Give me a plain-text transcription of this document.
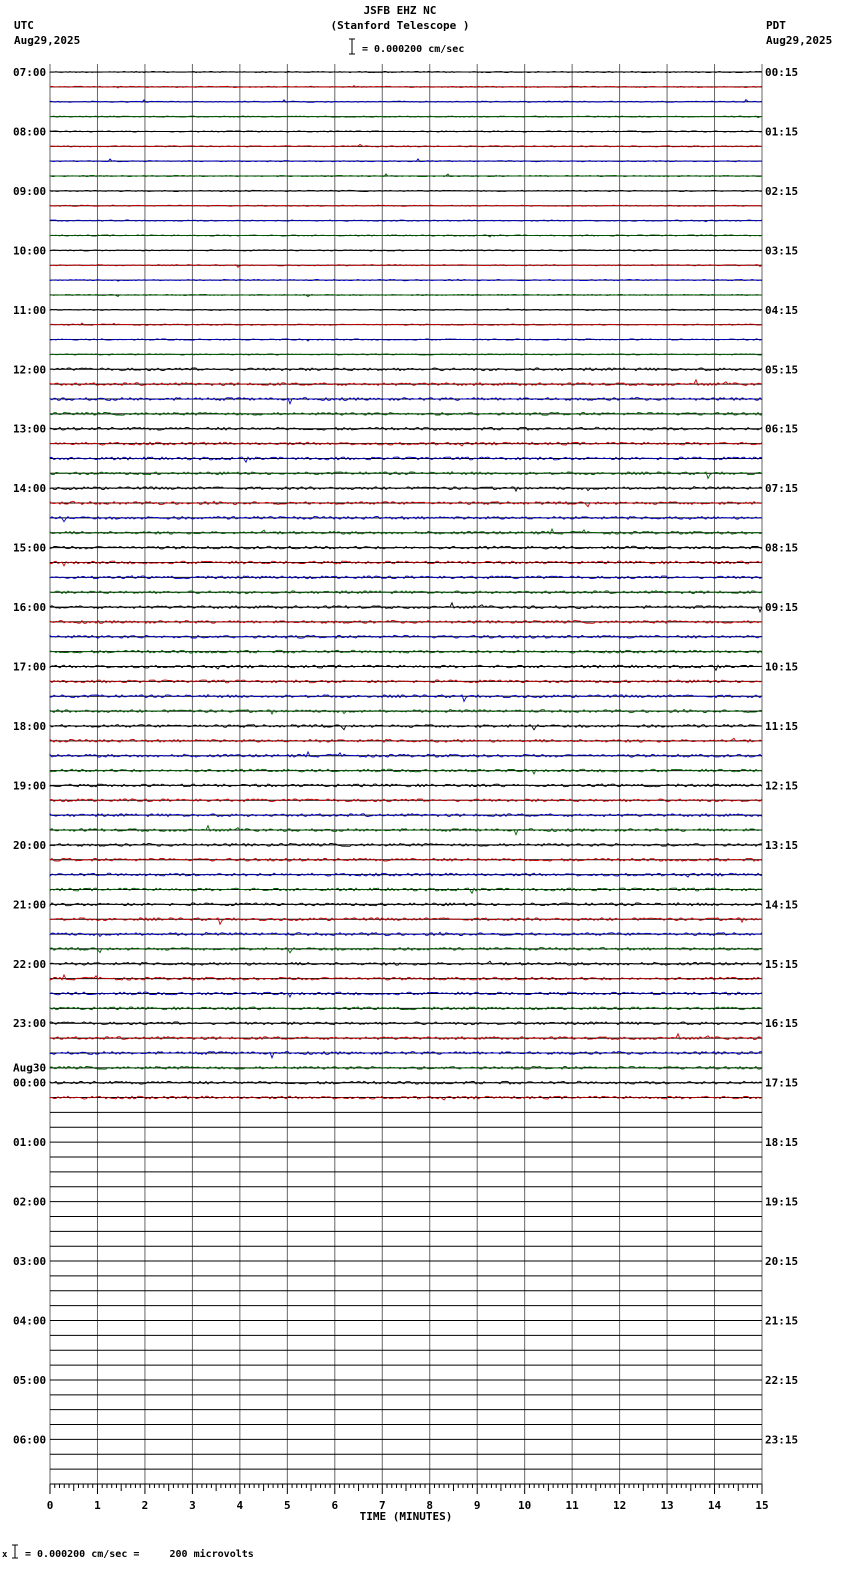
JSFB EHZ NC
(Stanford Telescope )
UTC
Aug29,2025
PDT
Aug29,2025
= 0.000200 cm/sec
07:00
08:00
09:00
10:00
11:00
12:00
13:00
14:00
15:00
16:00
17:00
18:00
19:00
20:00
21:00
22:00
23:00
00:00
Aug30
01:00
02:00
03:00
04:00
05:00
06:00
00:15
01:15
02:15
03:15
04:15
05:15
06:15
07:15
08:15
09:15
10:15
11:15
12:15
13:15
14:15
15:15
16:15
17:15
18:15
19:15
20:15
21:15
22:15
23:15
0	1	2	3	4	5	6	7	8	9	10	11	12	13	14	15
TIME (MINUTES)
x = 0.000200 cm/sec =     200 microvolts
